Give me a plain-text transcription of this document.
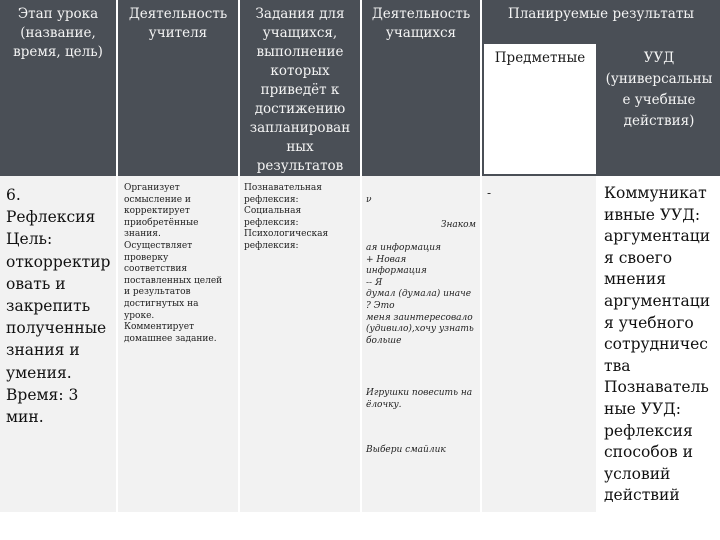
Этап урока
(название,
время, цель)
Деятельность
учителя
Задания для
учащихся,
выполнение
которых
приведёт к
достижению
запланирован
ных
результатов
Деятельность
учащихся
Планируемые результаты
Предметные	УУД
(универсальны
е учебные
действия)
6.
Рефлексия
Цель:
откорректир
овать и
закрепить
полученные
знания и
умения.
Время: 3 мин.
Организует
осмысление и
корректирует
приобретённые
знания.
Осуществляет
проверку
соответствия
поставленных целей
и результатов
достигнутых на
уроке.
Комментирует
домашнее задание.
Познавательная
рефлексия:
Социальная
рефлексия:
Психологическая
рефлексия:

ν

Знаком

ая информация
+ Новая
информация
-- Я
думал (думала) иначе
? Это
меня заинтересовало
(удивило),хочу узнать
больше

Игрушки повесить на
ёлочку.

Выбери смайлик

-	Коммуникат
ивные УУД:
аргументаци
я своего
мнения
аргументаци
я учебного
сотрудничес
тва
Познаватель
ные УУД:
рефлексия
способов и
условий
действий
